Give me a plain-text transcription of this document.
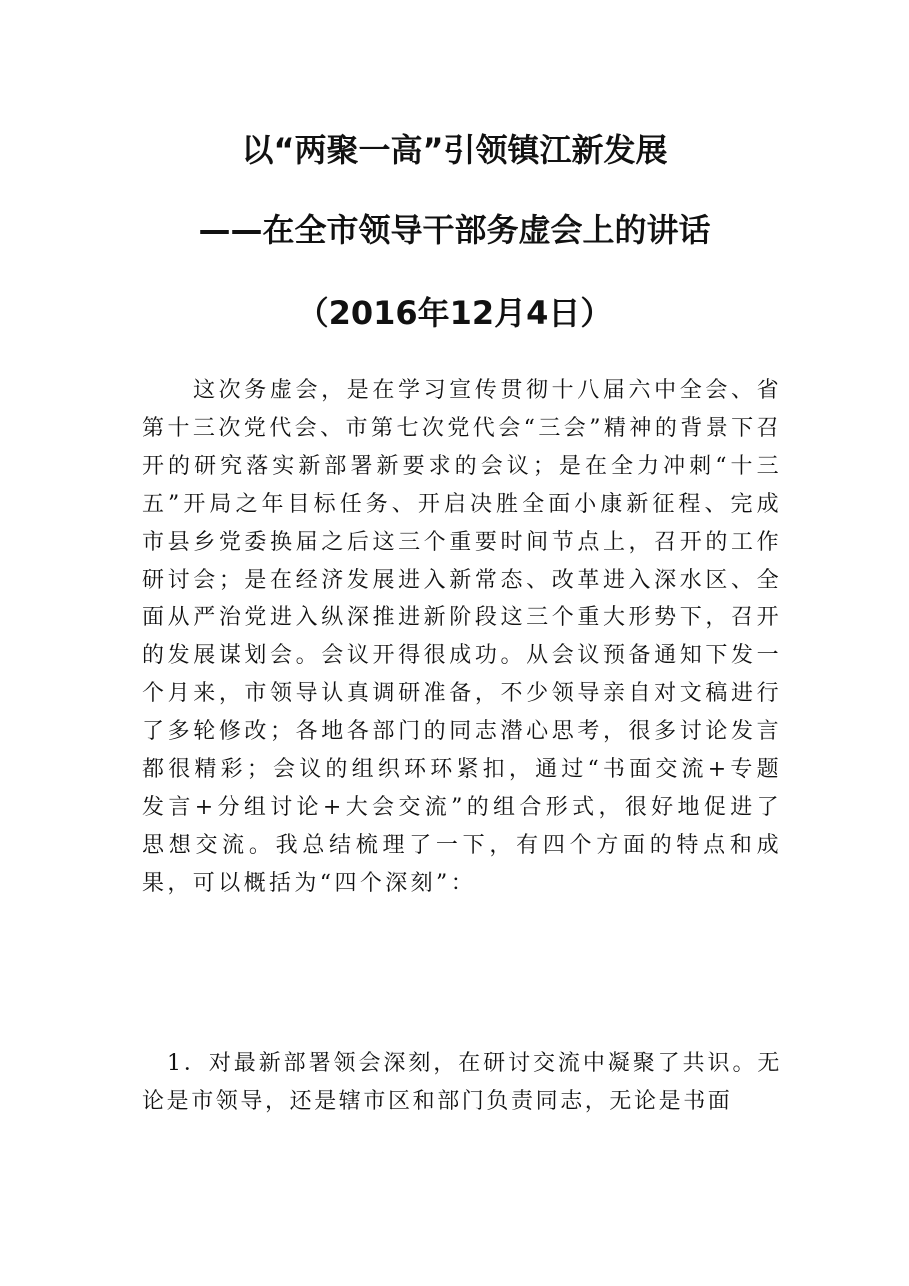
以“两聚一高”引领镇江新发展
——在全市领导干部务虚会上的讲话
（2016年12月4日）
这次务虚会，是在学习宣传贯彻十八届六中全会、省第十三次党代会、市第七次党代会“三会”精神的背景下召开的研究落实新部署新要求的会议；是在全力冲刺“十三五”开局之年目标任务、开启决胜全面小康新征程、完成市县乡党委换届之后这三个重要时间节点上，召开的工作研讨会；是在经济发展进入新常态、改革进入深水区、全面从严治党进入纵深推进新阶段这三个重大形势下，召开的发展谋划会。会议开得很成功。从会议预备通知下发一个月来，市领导认真调研准备，不少领导亲自对文稿进行了多轮修改；各地各部门的同志潜心思考，很多讨论发言都很精彩；会议的组织环环紧扣，通过“书面交流+专题发言+分组讨论+大会交流”的组合形式，很好地促进了思想交流。我总结梳理了一下，有四个方面的特点和成果，可以概括为“四个深刻”：
1．对最新部署领会深刻，在研讨交流中凝聚了共识。无论是市领导，还是辖市区和部门负责同志，无论是书面
